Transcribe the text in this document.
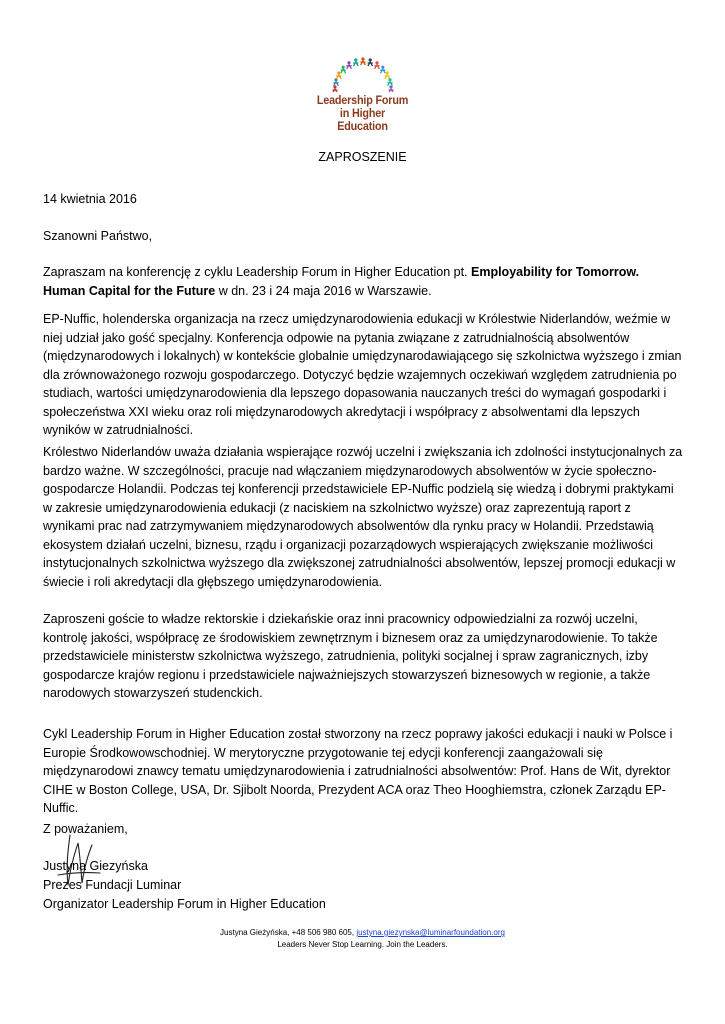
Leadership Forum
in Higher Education
ZAPROSZENIE
14 kwietnia 2016
Szanowni Państwo,
Zapraszam na konferencję z cyklu Leadership Forum in Higher Education pt. Employability for Tomorrow. Human Capital for the Future w dn. 23 i 24 maja 2016 w Warszawie.
EP-Nuffic, holenderska organizacja na rzecz umiędzynarodowienia edukacji w Królestwie Niderlandów, weźmie w niej udział jako gość specjalny. Konferencja odpowie na pytania związane z zatrudnialnością absolwentów (międzynarodowych i lokalnych) w kontekście globalnie umiędzynarodawiającego się szkolnictwa wyższego i zmian dla zrównoważonego rozwoju gospodarczego. Dotyczyć będzie wzajemnych oczekiwań względem zatrudnienia po studiach, wartości umiędzynarodowienia dla lepszego dopasowania nauczanych treści do wymagań gospodarki i społeczeństwa XXI wieku oraz roli międzynarodowych akredytacji i współpracy z absolwentami dla lepszych wyników w zatrudnialności.
Królestwo Niderlandów uważa działania wspierające rozwój uczelni i zwiększania ich zdolności instytucjonalnych za bardzo ważne. W szczególności, pracuje nad włączaniem międzynarodowych absolwentów w życie społeczno-gospodarcze Holandii. Podczas tej konferencji przedstawiciele EP-Nuffic podzielą się wiedzą i dobrymi praktykami w zakresie umiędzynarodowienia edukacji (z naciskiem na szkolnictwo wyższe) oraz zaprezentują raport z wynikami prac nad zatrzymywaniem międzynarodowych absolwentów dla rynku pracy w Holandii. Przedstawią ekosystem działań uczelni, biznesu, rządu i organizacji pozarządowych wspierających zwiększanie możliwości instytucjonalnych szkolnictwa wyższego dla zwiększonej zatrudnialności absolwentów, lepszej promocji edukacji w świecie i roli akredytacji dla głębszego umiędzynarodowienia.
Zaproszeni goście to władze rektorskie i dziekańskie oraz inni pracownicy odpowiedzialni za rozwój uczelni, kontrolę jakości, współpracę ze środowiskiem zewnętrznym i biznesem oraz za umiędzynarodowienie. To także przedstawiciele ministerstw szkolnictwa wyższego, zatrudnienia, polityki socjalnej i spraw zagranicznych, izby gospodarcze krajów regionu i przedstawiciele najważniejszych stowarzyszeń biznesowych w regionie, a także narodowych stowarzyszeń studenckich.
Cykl Leadership Forum in Higher Education został stworzony na rzecz poprawy jakości edukacji i nauki w Polsce i Europie Środkowowschodniej. W merytoryczne przygotowanie tej edycji konferencji zaangażowali się międzynarodowi znawcy tematu umiędzynarodowienia i zatrudnialności absolwentów: Prof. Hans de Wit, dyrektor CIHE w Boston College, USA, Dr. Sjibolt Noorda, Prezydent ACA oraz Theo Hooghiemstra, członek Zarządu EP-Nuffic.
Z poważaniem,
Justyna Giezyńska
Prezes Fundacji Luminar
Organizator Leadership Forum in Higher Education
Justyna Gieżyńska, +48 506 980 605, justyna.giezynska@luminarfoundation.org
Leaders Never Stop Learning. Join the Leaders.
